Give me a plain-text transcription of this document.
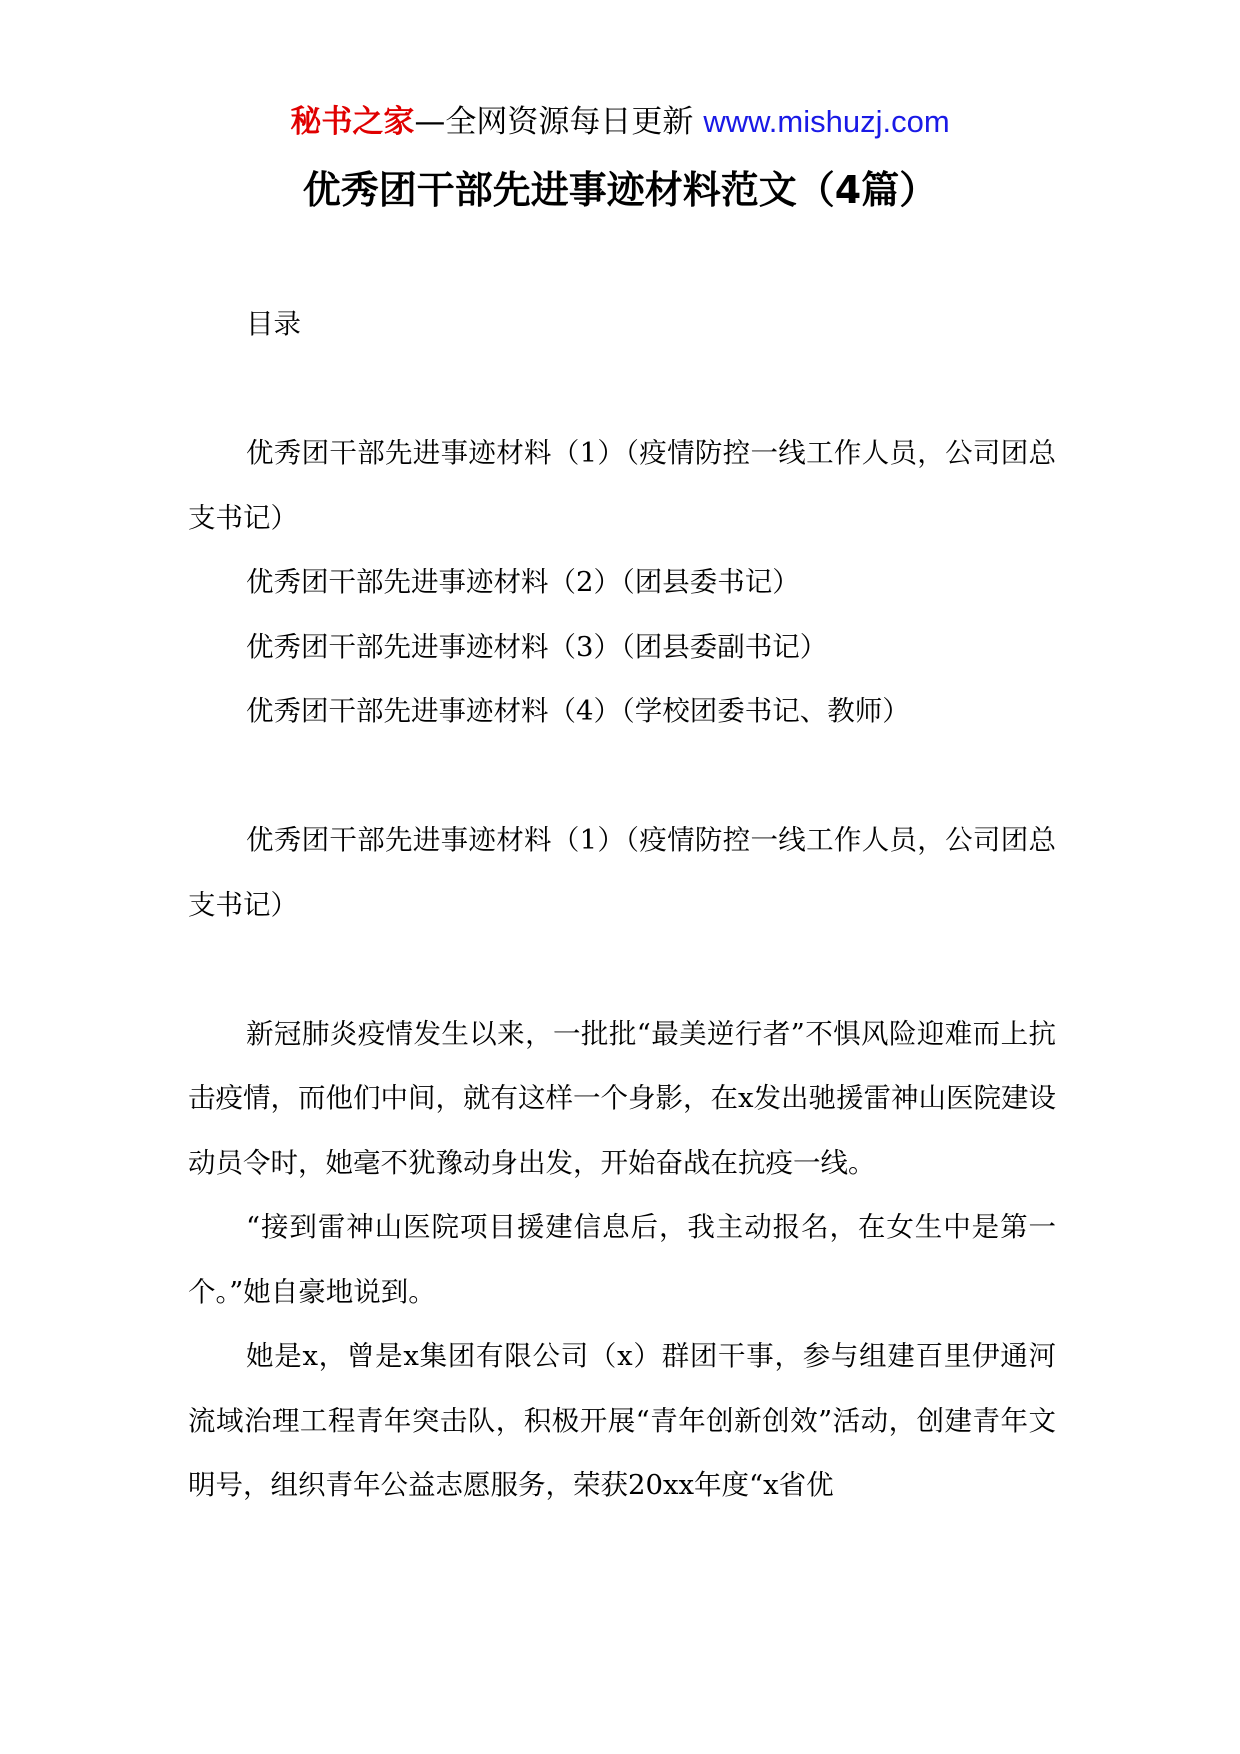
秘书之家—全网资源每日更新 www.mishuzj.com
优秀团干部先进事迹材料范文（4篇）

目录

优秀团干部先进事迹材料（1）（疫情防控一线工作人员，公司团总支书记）

优秀团干部先进事迹材料（2）（团县委书记）

优秀团干部先进事迹材料（3）（团县委副书记）

优秀团干部先进事迹材料（4）（学校团委书记、教师）

优秀团干部先进事迹材料（1）（疫情防控一线工作人员，公司团总支书记）

新冠肺炎疫情发生以来，一批批“最美逆行者”不惧风险迎难而上抗击疫情，而他们中间，就有这样一个身影，在x发出驰援雷神山医院建设动员令时，她毫不犹豫动身出发，开始奋战在抗疫一线。

“接到雷神山医院项目援建信息后，我主动报名，在女生中是第一个。”她自豪地说到。

她是x，曾是x集团有限公司（x）群团干事，参与组建百里伊通河流域治理工程青年突击队，积极开展“青年创新创效”活动，创建青年文明号，组织青年公益志愿服务，荣获20xx年度“x省优
